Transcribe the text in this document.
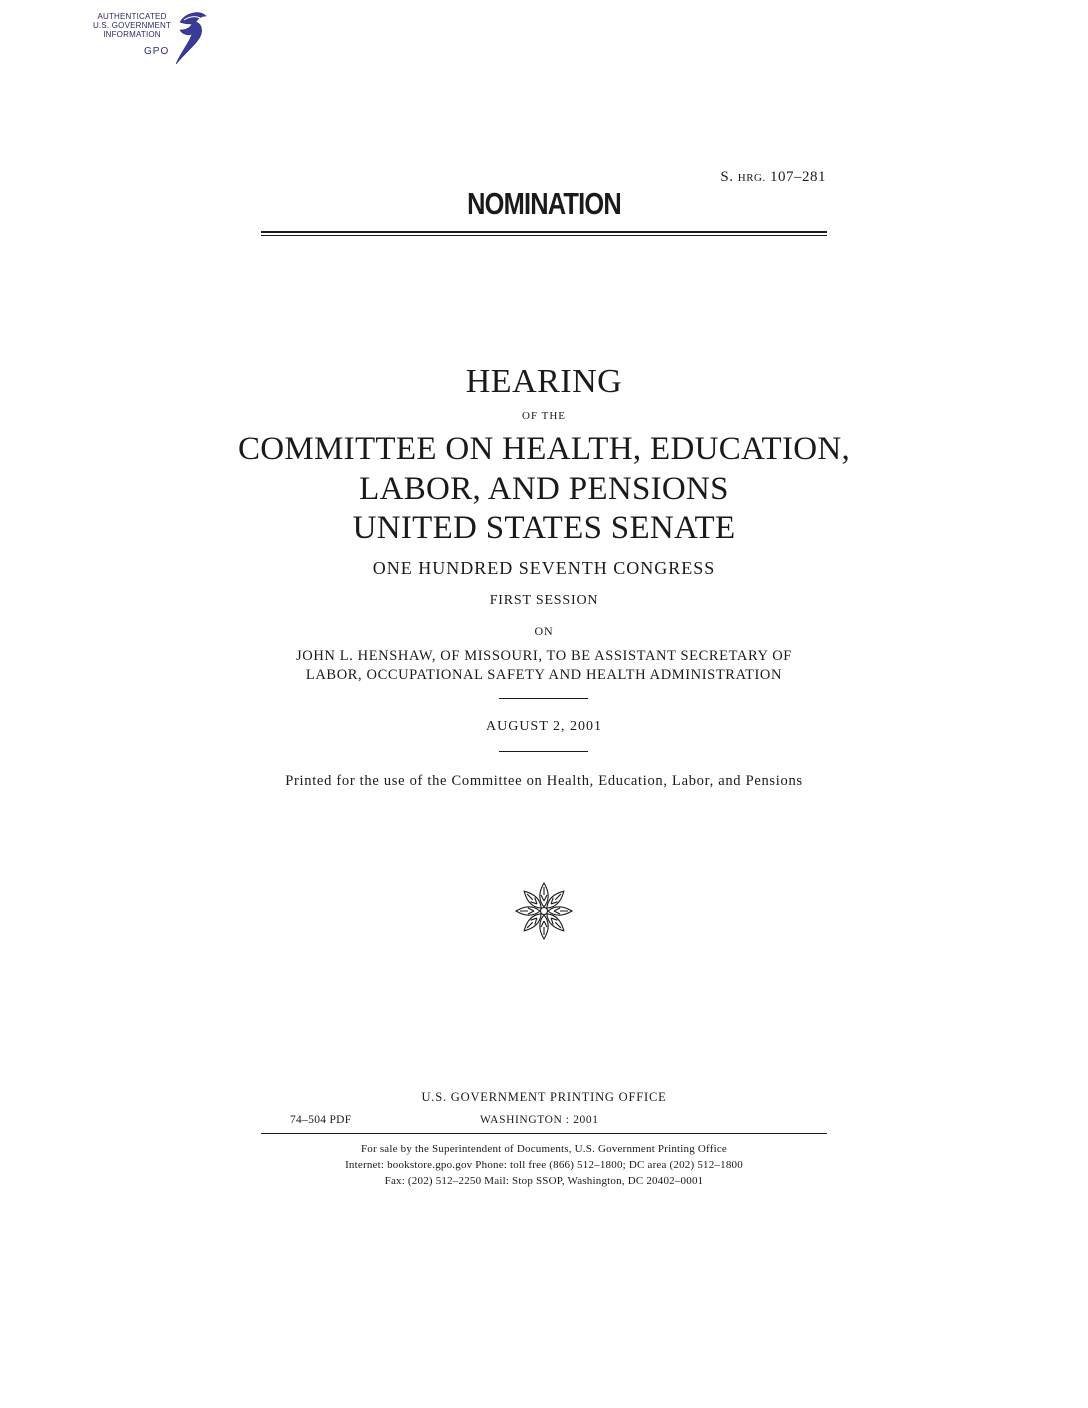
AUTHENTICATED
U.S. GOVERNMENT
INFORMATION
GPO
S. HRG. 107–281
NOMINATION
HEARING
OF THE
COMMITTEE ON HEALTH, EDUCATION,
LABOR, AND PENSIONS
UNITED STATES SENATE
ONE HUNDRED SEVENTH CONGRESS
FIRST SESSION
ON
JOHN L. HENSHAW, OF MISSOURI, TO BE ASSISTANT SECRETARY OF
LABOR, OCCUPATIONAL SAFETY AND HEALTH ADMINISTRATION
AUGUST 2, 2001
Printed for the use of the Committee on Health, Education, Labor, and Pensions
U.S. GOVERNMENT PRINTING OFFICE
74–504 PDF	WASHINGTON : 2001
For sale by the Superintendent of Documents, U.S. Government Printing Office
Internet: bookstore.gpo.gov Phone: toll free (866) 512–1800; DC area (202) 512–1800
Fax: (202) 512–2250 Mail: Stop SSOP, Washington, DC 20402–0001
